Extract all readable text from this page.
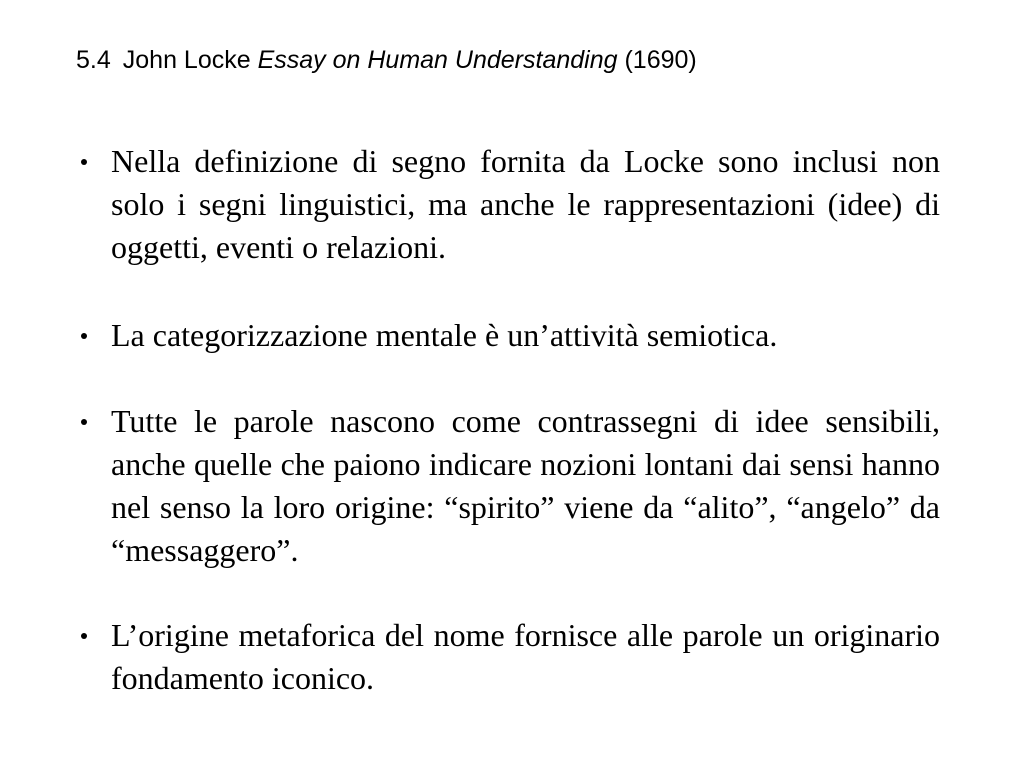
5.4 John Locke Essay on Human Understanding (1690)

Nella definizione di segno fornita da Locke sono inclusi non solo i segni linguistici, ma anche le rappresentazioni (idee) di oggetti, eventi o relazioni.

La categorizzazione mentale è un’attività semiotica.

Tutte le parole nascono come contrassegni di idee sensibili, anche quelle che paiono indicare nozioni lontani dai sensi hanno nel senso la loro origine: “spirito” viene da “alito”, “angelo” da “messaggero”.

L’origine metaforica del nome fornisce alle parole un originario fondamento iconico.
